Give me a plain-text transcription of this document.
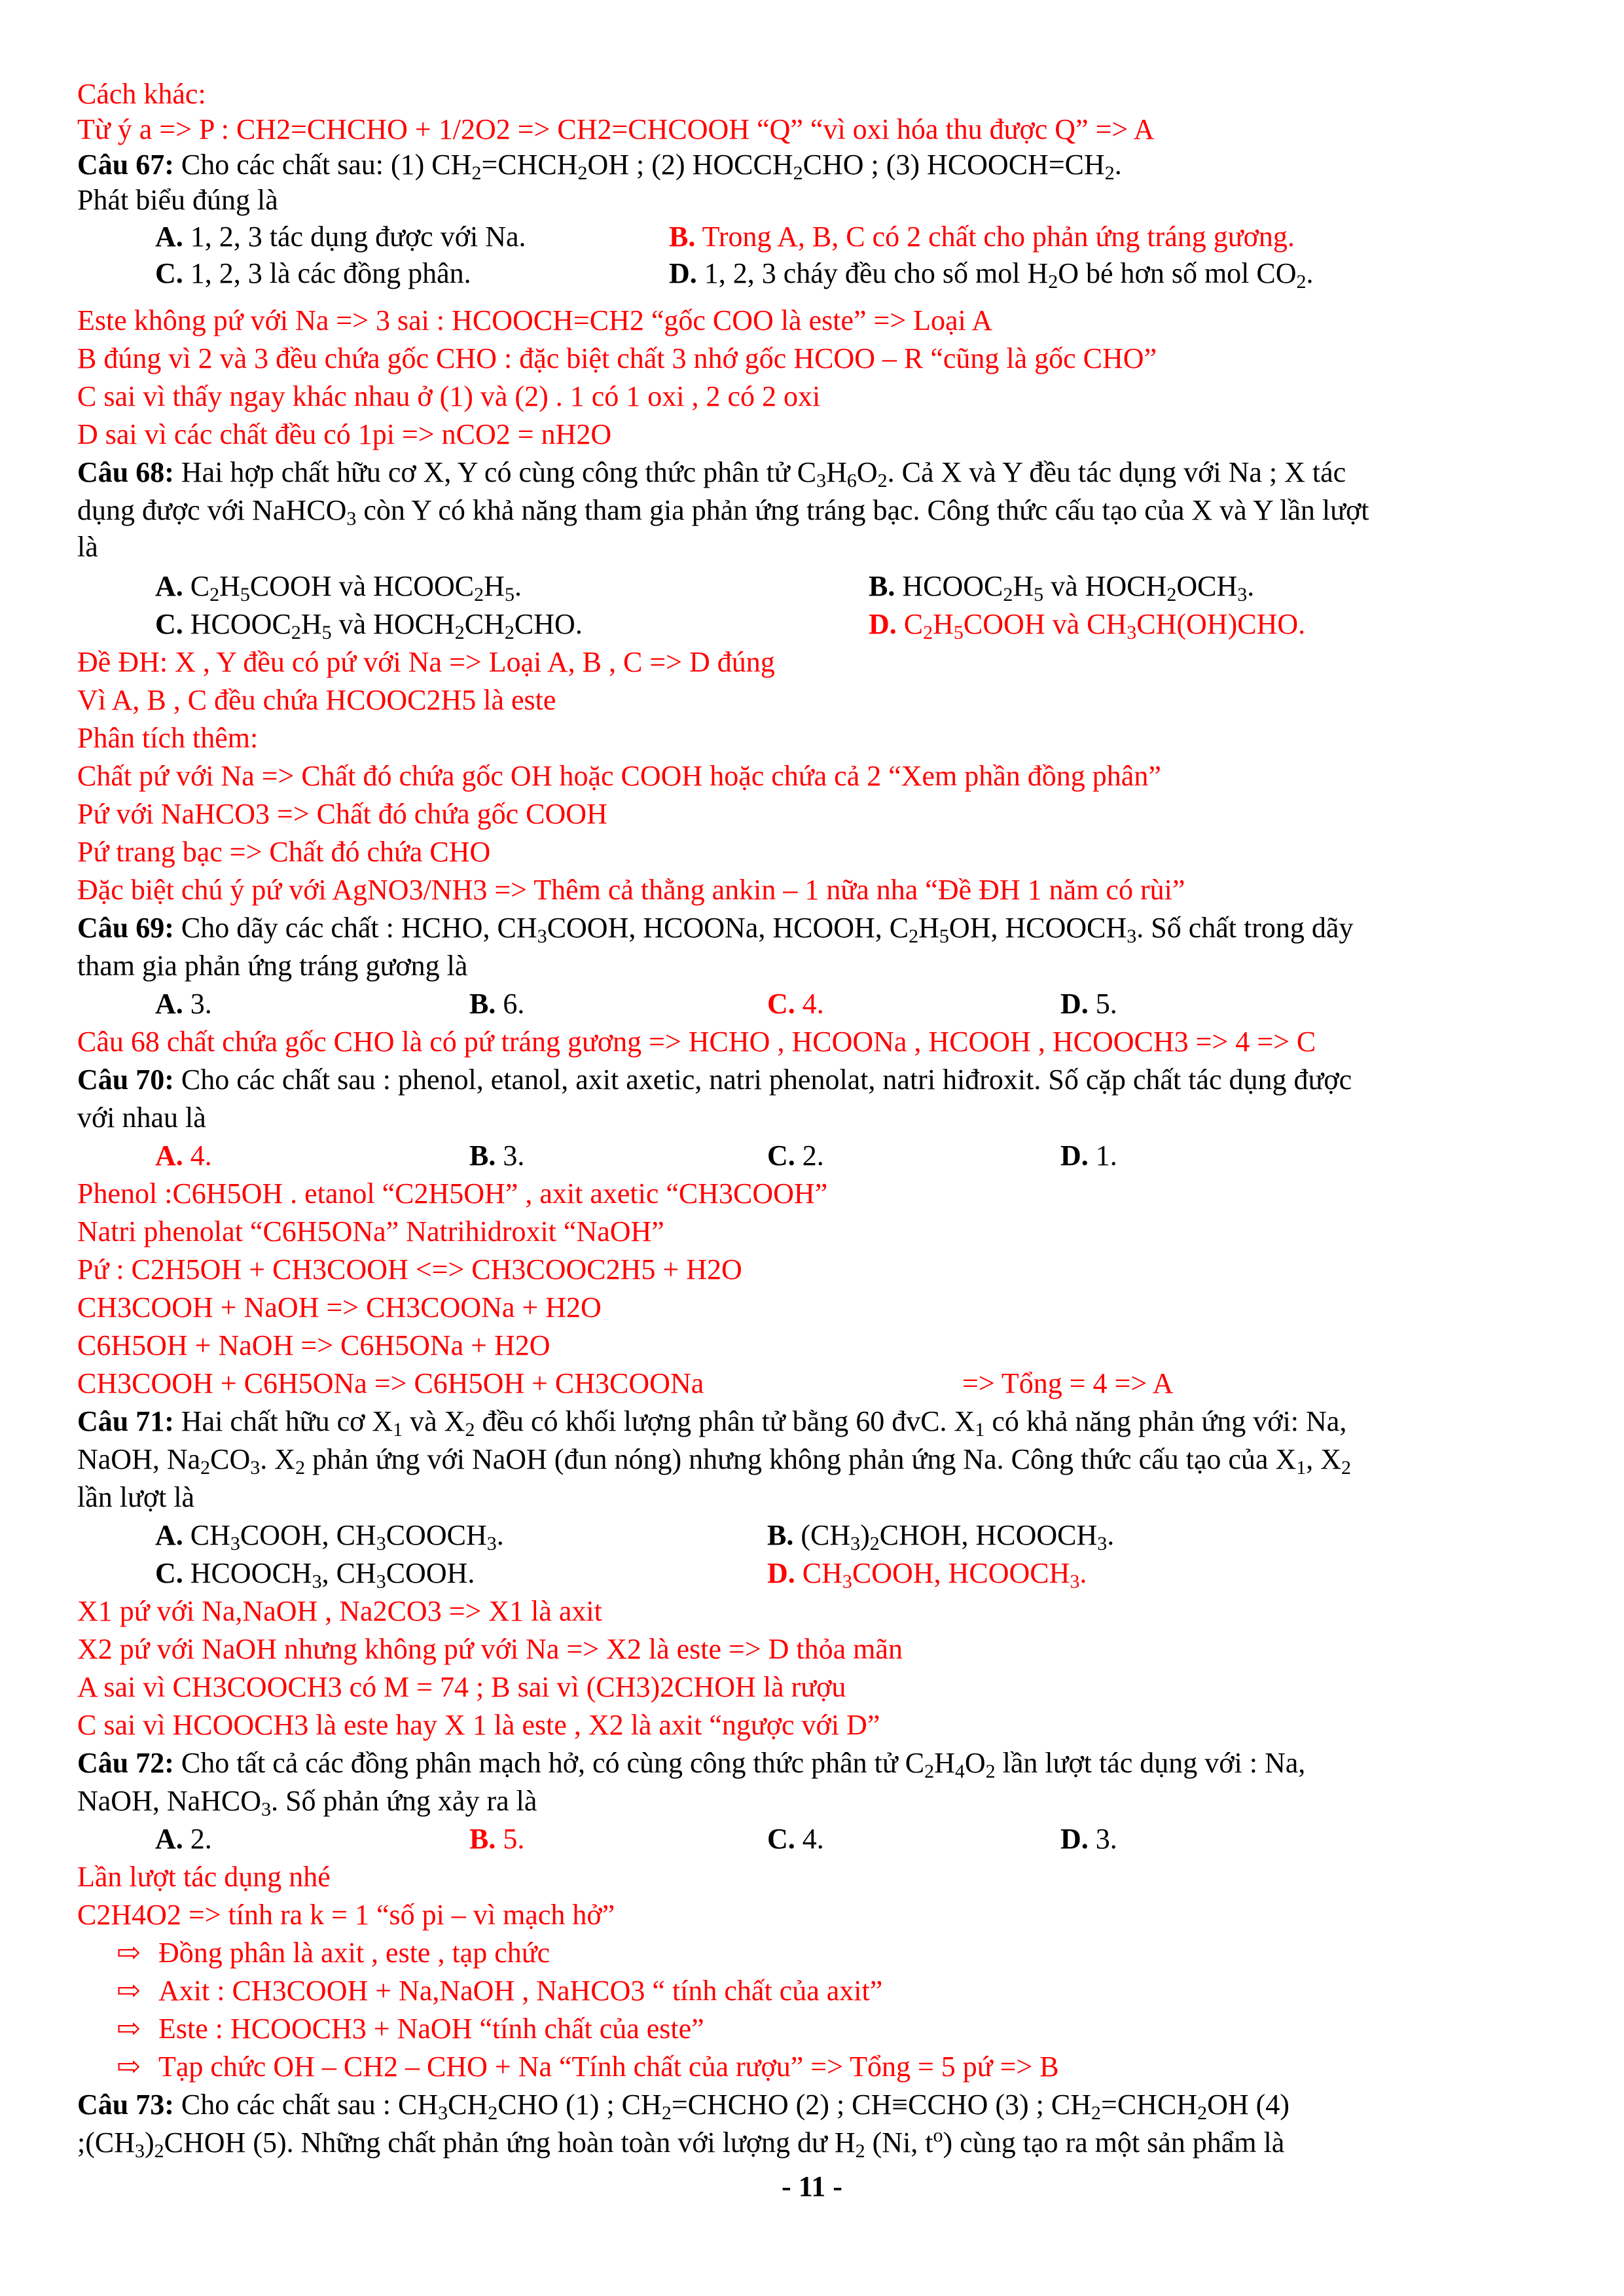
Cách khác:
Từ ý a => P : CH2=CHCHO + 1/2O2 => CH2=CHCOOH “Q” “vì oxi hóa thu được Q” => A
Câu 67: Cho các chất sau: (1) $CH_2=CHCH_2OH$ ; (2) $HOCCH_2CHO$ ; (3) $HCOOCH=CH_2$.
Phát biểu đúng là
A. 1, 2, 3 tác dụng được với Na.	B. Trong A, B, C có 2 chất cho phản ứng tráng gương.
C. 1, 2, 3 là các đồng phân.	D. 1, 2, 3 cháy đều cho số mol $H_2O$ bé hơn số mol $CO_2$.
Este không pứ với Na => 3 sai : HCOOCH=CH2 “gốc COO là este” => Loại A
B đúng vì 2 và 3 đều chứa gốc CHO : đặc biệt chất 3 nhớ gốc HCOO – R “cũng là gốc CHO”
C sai vì thấy ngay khác nhau ở (1) và (2) . 1 có 1 oxi , 2 có 2 oxi
D sai vì các chất đều có 1pi => nCO2 = nH2O
Câu 68: Hai hợp chất hữu cơ X, Y có cùng công thức phân tử $C_3H_6O_2$. Cả X và Y đều tác dụng với Na ; X tác
dụng được với NaHCO$_3$ còn Y có khả năng tham gia phản ứng tráng bạc. Công thức cấu tạo của X và Y lần lượt
là
A. $C_2H_5COOH$ và $HCOOC_2H_5$.	B. $HCOOC_2H_5$ và $HOCH_2OCH_3$.
C. $HCOOC_2H_5$ và $HOCH_2CH_2CHO$.	D. $C_2H_5COOH$ và $CH_3CH(OH)CHO$.
Đề ĐH: X , Y đều có pứ với Na => Loại A, B , C => D đúng
Vì A, B , C đều chứa HCOOC2H5 là este
Phân tích thêm:
Chất pứ với Na => Chất đó chứa gốc OH hoặc COOH hoặc chứa cả 2 “Xem phần đồng phân”
Pứ với NaHCO3 => Chất đó chứa gốc COOH
Pứ trang bạc => Chất đó chứa CHO
Đặc biệt chú ý pứ với AgNO3/NH3 => Thêm cả thằng ankin – 1 nữa nha “Đề ĐH 1 năm có rùi”
Câu 69: Cho dãy các chất : HCHO, $CH_3COOH$, HCOONa, HCOOH, $C_2H_5OH$, $HCOOCH_3$. Số chất trong dãy
tham gia phản ứng tráng gương là
A. 3.	B. 6.	C. 4.	D. 5.
Câu 68 chất chứa gốc CHO là có pứ tráng gương => HCHO , HCOONa , HCOOH , HCOOCH3 => 4 => C
Câu 70: Cho các chất sau : phenol, etanol, axit axetic, natri phenolat, natri hiđroxit. Số cặp chất tác dụng được
với nhau là
A. 4.	B. 3.	C. 2.	D. 1.
Phenol :C6H5OH . etanol “C2H5OH” , axit axetic “CH3COOH”
Natri phenolat “C6H5ONa” Natrihidroxit “NaOH”
Pứ : C2H5OH + CH3COOH <=> CH3COOC2H5 + H2O
CH3COOH + NaOH => CH3COONa + H2O
C6H5OH + NaOH => C6H5ONa + H2O
CH3COOH + C6H5ONa => C6H5OH + CH3COONa	=> Tổng = 4 => A
Câu 71: Hai chất hữu cơ $X_1$ và $X_2$ đều có khối lượng phân tử bằng 60 đvC. $X_1$ có khả năng phản ứng với: Na,
NaOH, $Na_2CO_3$. $X_2$ phản ứng với NaOH (đun nóng) nhưng không phản ứng Na. Công thức cấu tạo của $X_1$, $X_2$
lần lượt là
A. $CH_3COOH$, $CH_3COOCH_3$.	B. $(CH_3)_2CHOH$, $HCOOCH_3$.
C. $HCOOCH_3$, $CH_3COOH$.	D. $CH_3COOH$, $HCOOCH_3$.
X1 pứ với Na,NaOH , Na2CO3 => X1 là axit
X2 pứ với NaOH nhưng không pứ với Na => X2 là este => D thỏa mãn
A sai vì CH3COOCH3 có M = 74 ; B sai vì (CH3)2CHOH là rượu
C sai vì HCOOCH3 là este hay X 1 là este , X2 là axit “ngược với D”
Câu 72: Cho tất cả các đồng phân mạch hở, có cùng công thức phân tử $C_2H_4O_2$ lần lượt tác dụng với : Na,
NaOH, NaHCO$_3$. Số phản ứng xảy ra là
A. 2.	B. 5.	C. 4.	D. 3.
Lần lượt tác dụng nhé
C2H4O2 => tính ra k = 1 “số pi – vì mạch hở”
⇨ Đồng phân là axit , este , tạp chức
⇨ Axit : CH3COOH + Na,NaOH , NaHCO3 “ tính chất của axit”
⇨ Este : HCOOCH3 + NaOH “tính chất của este”
⇨ Tạp chức OH – CH2 – CHO + Na “Tính chất của rượu” => Tổng = 5 pứ => B
Câu 73: Cho các chất sau : $CH_3CH_2CHO$ (1) ; $CH_2=CHCHO$ (2) ; CH≡CCHO (3) ; $CH_2=CHCH_2OH$ (4)
$;(CH_3)_2CHOH$ (5). Những chất phản ứng hoàn toàn với lượng dư $H_2$ (Ni, $t^o$) cùng tạo ra một sản phẩm là
- 11 -
